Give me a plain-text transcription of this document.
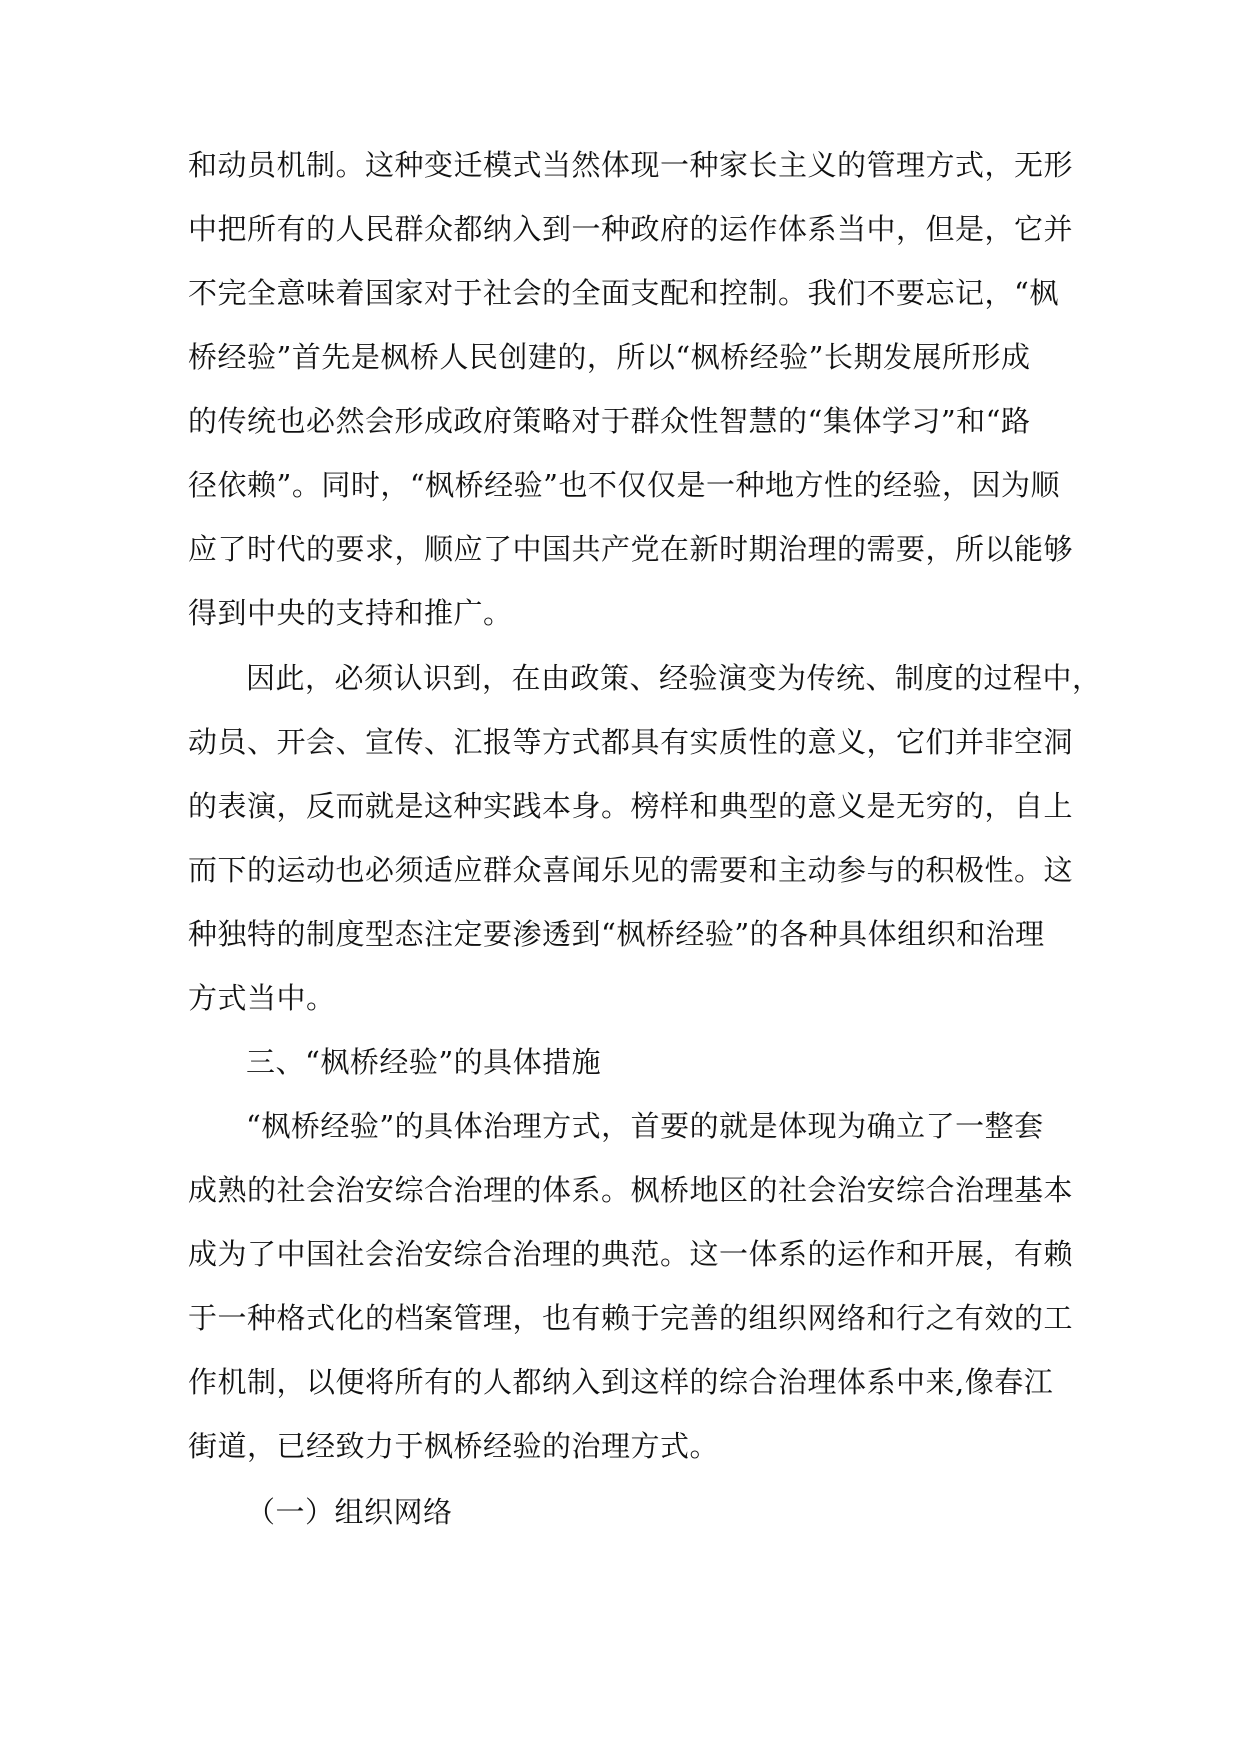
和动员机制。这种变迁模式当然体现一种家长主义的管理方式，无形
中把所有的人民群众都纳入到一种政府的运作体系当中，但是，它并
不完全意味着国家对于社会的全面支配和控制。我们不要忘记，“枫
桥经验”首先是枫桥人民创建的，所以“枫桥经验”长期发展所形成
的传统也必然会形成政府策略对于群众性智慧的“集体学习”和“路
径依赖”。同时，“枫桥经验”也不仅仅是一种地方性的经验，因为顺
应了时代的要求，顺应了中国共产党在新时期治理的需要，所以能够
得到中央的支持和推广。
因此，必须认识到，在由政策、经验演变为传统、制度的过程中，
动员、开会、宣传、汇报等方式都具有实质性的意义，它们并非空洞
的表演，反而就是这种实践本身。榜样和典型的意义是无穷的，自上
而下的运动也必须适应群众喜闻乐见的需要和主动参与的积极性。这
种独特的制度型态注定要渗透到“枫桥经验”的各种具体组织和治理
方式当中。
三、“枫桥经验”的具体措施
“枫桥经验”的具体治理方式，首要的就是体现为确立了一整套
成熟的社会治安综合治理的体系。枫桥地区的社会治安综合治理基本
成为了中国社会治安综合治理的典范。这一体系的运作和开展，有赖
于一种格式化的档案管理，也有赖于完善的组织网络和行之有效的工
作机制，以便将所有的人都纳入到这样的综合治理体系中来,像春江
街道，已经致力于枫桥经验的治理方式。
（一）组织网络
